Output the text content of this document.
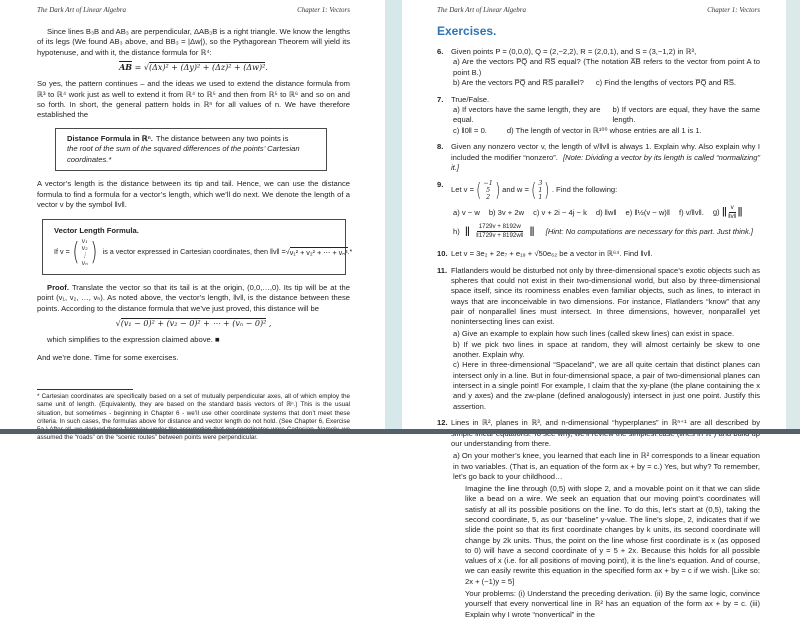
The Dark Art of Linear Algebra	Chapter 1: Vectors

Since lines B₃B and AB₃ are perpendicular, ΔAB₃B is a right triangle. We know the lengths of its legs (We found AB₃ above, and BB₃ = |Δw|), so the Pythagorean Theorem will yield its hypotenuse, and with it, the distance formula for ℝ⁴:

$\overline{AB} = √(\Delta x)^2 + (\Delta y)^2 + (\Delta z)^2 + (\Delta w)^2$.

So yes, the pattern continues – and the ideas we used to extend the distance formula from ℝ³ to ℝ⁴ work just as well to extend it from ℝ⁴ to ℝ⁵ and then from ℝ⁵ to ℝ⁶ and so on and so forth. In short, the general pattern holds in ℝⁿ for all values of n. We have therefore established the

Distance Formula in ℝⁿ. The distance between any two points is
the root of the sum of the squared differences of the points’ Cartesian coordinates.*

A vector’s length is the distance between its tip and tail. Hence, we can use the distance formula to find a formula for a vector’s length, which we’ll do next. We denote the length of a vector v by the symbol ‖v‖.

Vector Length Formula.
If v =
( v₁
v₂
⋮
vₙ
)
is a vector expressed in Cartesian coordinates, then ‖v‖ = √ v₁² + v₂² + ⋯ + vₙ² .*

Proof. Translate the vector so that its tail is at the origin, (0,0,…,0). Its tip will be at the point (v₁, v₂, …, vₙ). As noted above, the vector’s length, ‖v‖, is the distance between these points. According to the distance formula that we’ve just proved, this distance will be

√(v₁ − 0)² + (v₂ − 0)² + ⋯ + (vₙ − 0)² ,

which simplifies to the expression claimed above. ■

And we’re done. Time for some exercises.

* Cartesian coordinates are specifically based on a set of mutually perpendicular axes, all of which employ the same unit of length. (Equivalently, they are based on the standard basis vectors of ℝⁿ.) This is the usual situation, but sometimes - beginning in Chapter 6 - we’ll use other coordinate systems that don’t meet these criteria. In such cases, the formulas above for distance and vector length do not hold. (See Chapter 6, Exercise assumed the “roads” on the “scenic routes” between points were perpendicular.
The Dark Art of Linear Algebra	Chapter 1: Vectors
Exercises.
6.	Given points P = (0,0,0), Q = (2,−2,2), R = (2,0,1), and S = (3,−1,2) in ℝ³,
a) Are the vectors P̅Q̅ and R̅S̅ equal? (The notation A̅B̅ refers to the vector from point A to point B.)
b) Are the vectors P̅Q̅ and R̅S̅ parallel? c) Find the lengths of vectors P̅Q̅ and R̅S̅.
7.	True/False.
a) If vectors have the same length, they are equal.
b) If vectors are equal, they have the same length.
c) ‖0‖ = 0.	d) The length of vector in ℝ¹⁰⁰ whose entries are all 1 is 1.
8.	Given any nonzero vector v, the length of v/‖v‖ is always 1. Explain why. Also explain why I included the modifier “nonzero”. [Note: Dividing a vector by its length is called “normalizing” it.]
9.
Let v =
( −1
5
2
)
and w =
( 3
1
1
)
. Find the following:
a) v − w b) 3v + 2w c) v + 2i − 4j − k d) ‖w‖ e) ‖½(v − w)‖ f) v/‖v‖. g) ‖ $\frac{v}{‖v‖}$ ‖
h) ‖ $\frac{1729v + 8192w}{‖1729v + 8192w‖}$ ‖ [Hint: No computations are necessary for this part. Just think.]
10. Let v = 3e₂ + 2e₇ + e₁₉ + √50e₆₂ be a vector in ℝ⁶⁴. Find ‖v‖.
11. Flatlanders would be disturbed not only by three-dimensional space’s exotic objects such as spheres that could not exist in their two-dimensional world, but also by three-dimensional space itself, since its roominess enables even familiar objects, such as lines, to interact in ways that are inconceivable in two dimensions. For instance, Flatlanders “know” that any pair of nonparallel lines must intersect. In three dimensions, however, nonparallel yet nonintersecting lines can exist.
a) Give an example to explain how such lines (called skew lines) can exist in space.
b) If we pick two lines in space at random, they will almost certainly be skew to one another. Explain why.
c) Here in three-dimensional “Spaceland”, we are all quite certain that distinct planes can intersect only in a line. But in four-dimensional space, a pair of two-dimensional planes can intersect in a single point! For example, I claim that the xy-plane (the plane containing the x and y axes) and the zw-plane (defined analogously) intersect in just one point. Justify this assertion.
12. Lines in ℝ², planes in ℝ³, and n-dimensional “hyperplanes” in ℝⁿ⁺¹ are all described by our understanding from there.
a) On your mother’s knee, you learned that each line in ℝ² corresponds to a linear equation in two variables. (That is, an equation of the form ax + by = c.) Yes, but why? To remember, let’s go back to your childhood…
Imagine the line through (0,5) with slope 2, and a movable point on it that we can slide like a bead on a wire. We seek an equation that our moving point’s coordinates will satisfy at all its possible positions on the line. To do this, let’s start at (0,5), taking the second coordinate, 5, as our “baseline” y-value. The line’s slope, 2, indicates that if we slide the point so that its first coordinate changes by k units, its second coordinate will change by 2k units. Thus, the point on the line whose first coordinate is x (as opposed to 0) will have a second coordinate of y = 5 + 2x. Because this holds for all possible values of x (i.e. for all positions of moving point), it is the line’s equation. And of course, we can easily rewrite this equation in the specified form ax + by = c if we wish. [Like so: 2x + (−1)y = 5]
Your problems: (i) Understand the preceding derivation. (ii) By the same logic, convince yourself that every nonvertical line in ℝ² has an equation of the form ax + by = c. (iii) Explain why I wrote “nonvertical” in the
